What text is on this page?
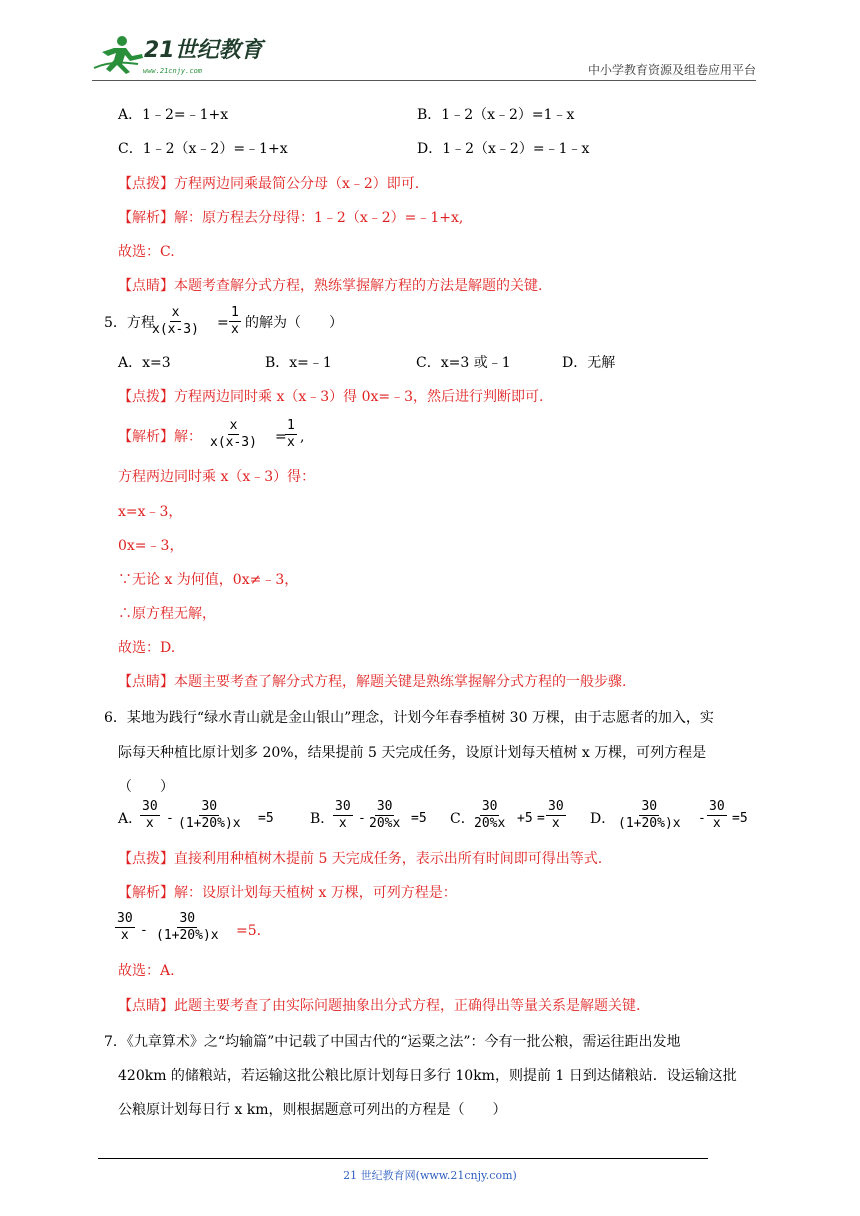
21世纪教育
www.21cnjy.com	中小学教育资源及组卷应用平台
A．1﹣2=﹣1+x	B．1﹣2（x﹣2）=1﹣x
C．1﹣2（x﹣2）=﹣1+x	D．1﹣2（x﹣2）=﹣1﹣x
【点拨】方程两边同乘最简公分母（x﹣2）即可.
【解析】解：原方程去分母得：1﹣2（x﹣2）=﹣1+x,
故选：C.
【点睛】本题考查解分式方程，熟练掌握解方程的方法是解题的关键.
5．方程
$\frac{x}{x(x-3)} = \frac{1}{x}$ 的解为（　　）
A．x=3	B．x=﹣1	C．x=3 或﹣1	D．无解
【点拨】方程两边同时乘 x（x﹣3）得 0x=﹣3，然后进行判断即可.
【解析】解： $\frac{x}{x(x-3)}$ =
$\frac{1}{x}$ ,
方程两边同时乘 x（x﹣3）得：
x=x﹣3，
0x=﹣3，
∵无论 x 为何值，0x≠﹣3，
∴原方程无解，
故选：D.
【点睛】本题主要考查了解分式方程，解题关键是熟练掌握解分式方程的一般步骤.
6．某地为践行“绿水青山就是金山银山”理念，计划今年春季植树 30 万棵，由于志愿者的加入，实
际每天种植比原计划多 20%，结果提前 5 天完成任务，设原计划每天植树 x 万棵，可列方程是
（　　）
A．
$\frac{30}{x} - \frac{30}{(1+20\%)x} =5$	B．
$\frac{30}{x} - \frac{30}{20\%x} =5$ C．
$\frac{30}{20\%x} +5 = \frac{30}{x}$ D． $\frac{30}{(1+20\%)x} - \frac{30}{x} =5$
【点拨】直接利用种植树木提前 5 天完成任务，表示出所有时间即可得出等式.
【解析】解：设原计划每天植树 x 万棵，可列方程是：
$\frac{30}{x} - \frac{30}{(1+20\%)x} =5$.
故选：A.
【点睛】此题主要考查了由实际问题抽象出分式方程，正确得出等量关系是解题关键.
7．《九章算术》之“均输篇”中记载了中国古代的“运粟之法”：今有一批公粮，需运往距出发地
420km 的储粮站，若运输这批公粮比原计划每日多行 10km，则提前 1 日到达储粮站．设运输这批
公粮原计划每日行 x km，则根据题意可列出的方程是（　　）
21 世纪教育网(www.21cnjy.com)
